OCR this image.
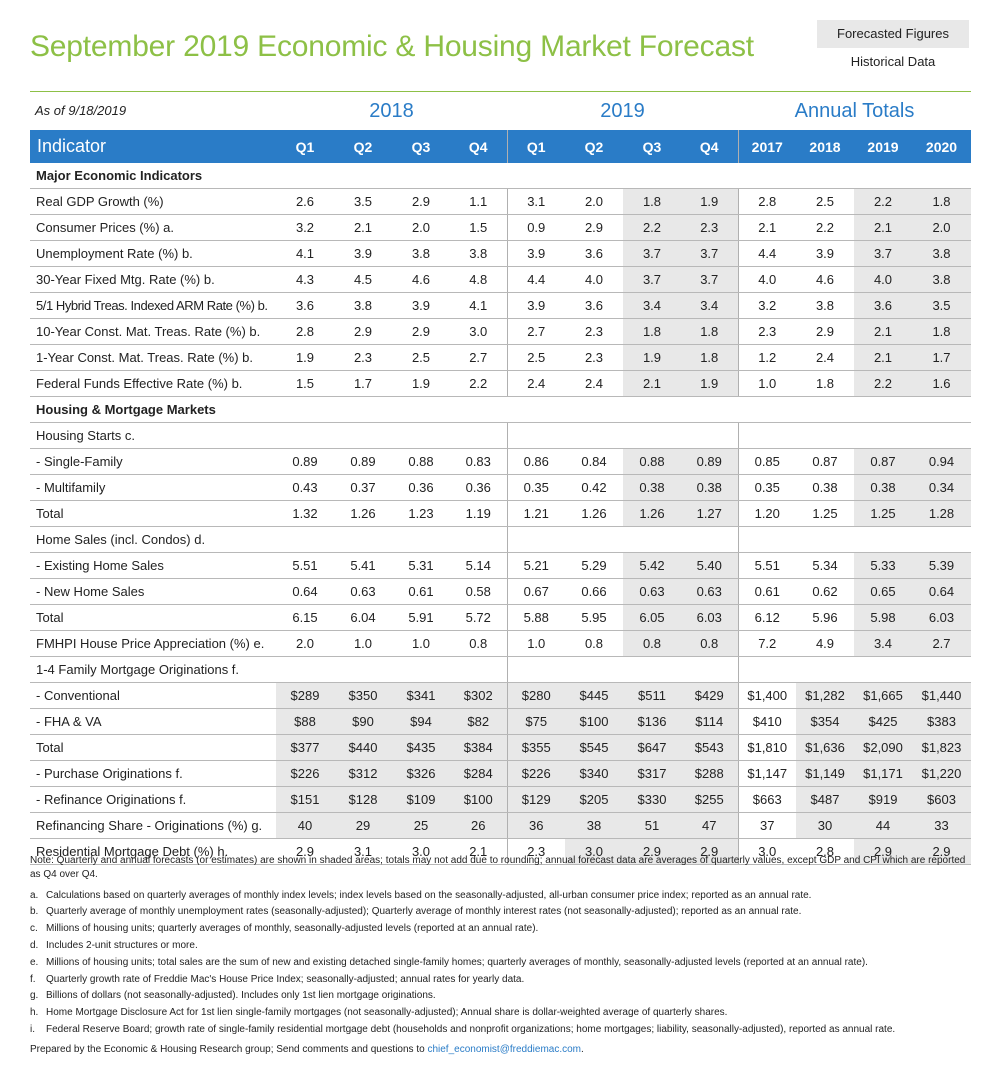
September 2019 Economic & Housing Market Forecast	Forecasted Figures
Historical Data
As of 9/18/2019	2018	2019	Annual Totals
Indicator	Q1	Q2	Q3	Q4	Q1	Q2	Q3	Q4	2017	2018	2019	2020
Major Economic Indicators												
Real GDP Growth (%)	2.6	3.5	2.9	1.1	3.1	2.0	1.8	1.9	2.8	2.5	2.2	1.8
Consumer Prices (%) a.	3.2	2.1	2.0	1.5	0.9	2.9	2.2	2.3	2.1	2.2	2.1	2.0
Unemployment Rate (%) b.	4.1	3.9	3.8	3.8	3.9	3.6	3.7	3.7	4.4	3.9	3.7	3.8
30-Year Fixed Mtg. Rate (%) b.	4.3	4.5	4.6	4.8	4.4	4.0	3.7	3.7	4.0	4.6	4.0	3.8
5/1 Hybrid Treas. Indexed ARM Rate (%) b.	3.6	3.8	3.9	4.1	3.9	3.6	3.4	3.4	3.2	3.8	3.6	3.5
10-Year Const. Mat. Treas. Rate (%) b.	2.8	2.9	2.9	3.0	2.7	2.3	1.8	1.8	2.3	2.9	2.1	1.8
1-Year Const. Mat. Treas. Rate (%) b.	1.9	2.3	2.5	2.7	2.5	2.3	1.9	1.8	1.2	2.4	2.1	1.7
Federal Funds Effective Rate (%) b.	1.5	1.7	1.9	2.2	2.4	2.4	2.1	1.9	1.0	1.8	2.2	1.6
Housing & Mortgage Markets												
Housing Starts c.												
- Single-Family	0.89	0.89	0.88	0.83	0.86	0.84	0.88	0.89	0.85	0.87	0.87	0.94
- Multifamily	0.43	0.37	0.36	0.36	0.35	0.42	0.38	0.38	0.35	0.38	0.38	0.34
Total	1.32	1.26	1.23	1.19	1.21	1.26	1.26	1.27	1.20	1.25	1.25	1.28
Home Sales (incl. Condos) d.												
- Existing Home Sales	5.51	5.41	5.31	5.14	5.21	5.29	5.42	5.40	5.51	5.34	5.33	5.39
- New Home Sales	0.64	0.63	0.61	0.58	0.67	0.66	0.63	0.63	0.61	0.62	0.65	0.64
Total	6.15	6.04	5.91	5.72	5.88	5.95	6.05	6.03	6.12	5.96	5.98	6.03
FMHPI House Price Appreciation (%) e.	2.0	1.0	1.0	0.8	1.0	0.8	0.8	0.8	7.2	4.9	3.4	2.7
1-4 Family Mortgage Originations f.												
- Conventional	$289	$350	$341	$302	$280	$445	$511	$429	$1,400	$1,282	$1,665	$1,440
- FHA & VA	$88	$90	$94	$82	$75	$100	$136	$114	$410	$354	$425	$383
Total	$377	$440	$435	$384	$355	$545	$647	$543	$1,810	$1,636	$2,090	$1,823
- Purchase Originations f.	$226	$312	$326	$284	$226	$340	$317	$288	$1,147	$1,149	$1,171	$1,220
- Refinance Originations f.	$151	$128	$109	$100	$129	$205	$330	$255	$663	$487	$919	$603
Refinancing Share - Originations (%) g.	40	29	25	26	36	38	51	47	37	30	44	33
Residential Mortgage Debt (%) h.	2.9	3.1	3.0	2.1	2.3	3.0	2.9	2.9	3.0	2.8	2.9	2.9
Note: Quarterly and annual forecasts (or estimates) are shown in shaded areas; totals may not add due to rounding; annual forecast data are averages of quarterly values, except GDP and CPI which are reported as Q4 over Q4.
a. Calculations based on quarterly averages of monthly index levels; index levels based on the seasonally-adjusted, all-urban consumer price index; reported as an annual rate.
b. Quarterly average of monthly unemployment rates (seasonally-adjusted); Quarterly average of monthly interest rates (not seasonally-adjusted); reported as an annual rate.
c. Millions of housing units; quarterly averages of monthly, seasonally-adjusted levels (reported at an annual rate).
d. Includes 2-unit structures or more.
e. Millions of housing units; total sales are the sum of new and existing detached single-family homes; quarterly averages of monthly, seasonally-adjusted levels (reported at an annual rate).
f.	Quarterly growth rate of Freddie Mac's House Price Index; seasonally-adjusted; annual rates for yearly data.
g. Billions of dollars (not seasonally-adjusted). Includes only 1st lien mortgage originations.
h. Home Mortgage Disclosure Act for 1st lien single-family mortgages (not seasonally-adjusted); Annual share is dollar-weighted average of quarterly shares.
i.	Federal Reserve Board; growth rate of single-family residential mortgage debt (households and nonprofit organizations; home mortgages; liability, seasonally-adjusted), reported as annual rate.
Prepared by the Economic & Housing Research group; Send comments and questions to chief_economist@freddiemac.com.
